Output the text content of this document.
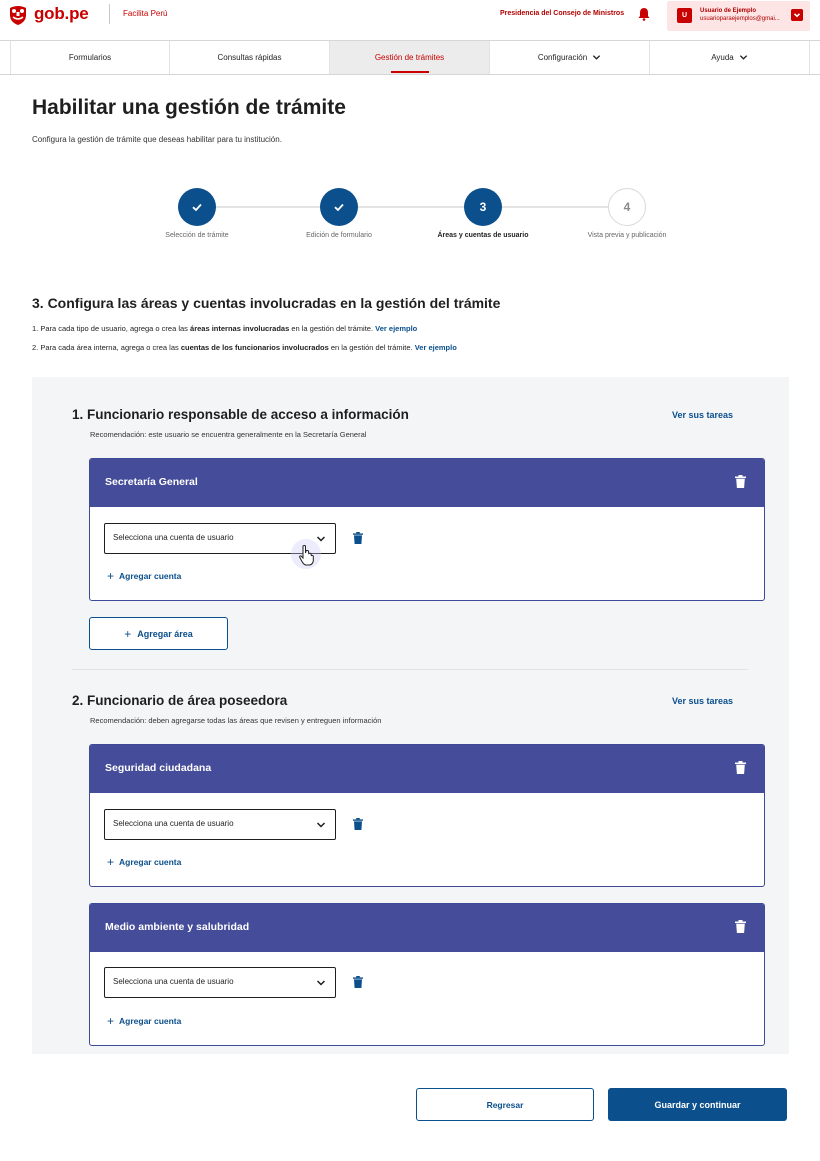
gob.pe	Facilita Perú	Presidencia del Consejo de Ministros	U
Usuario de Ejemplo
usuarioparaejemplos@gmai...
Formularios	Consultas rápidas	Gestión de trámites	Configuración	Ayuda
Habilitar una gestión de trámite

Configura la gestión de trámite que deseas habilitar para tu institución.

Selección de trámite	Edición de formulario
3
Áreas y cuentas de usuario
4
Vista previa y publicación
3. Configura las áreas y cuentas involucradas en la gestión del trámite

1. Para cada tipo de usuario, agrega o crea las áreas internas involucradas en la gestión del trámite. Ver ejemplo

2. Para cada área interna, agrega o crea las cuentas de los funcionarios involucrados en la gestión del trámite. Ver ejemplo

1. Funcionario responsable de acceso a información

Recomendación: este usuario se encuentra generalmente en la Secretaría General

Ver sus tareas
Secretaría General
Selecciona una cuenta de usuario
+ Agregar cuenta
+ Agregar área
2. Funcionario de área poseedora

Recomendación: deben agregarse todas las áreas que revisen y entreguen información

Ver sus tareas
Seguridad ciudadana
Selecciona una cuenta de usuario
+ Agregar cuenta
Medio ambiente y salubridad
Selecciona una cuenta de usuario
+ Agregar cuenta
Regresar	Guardar y continuar
